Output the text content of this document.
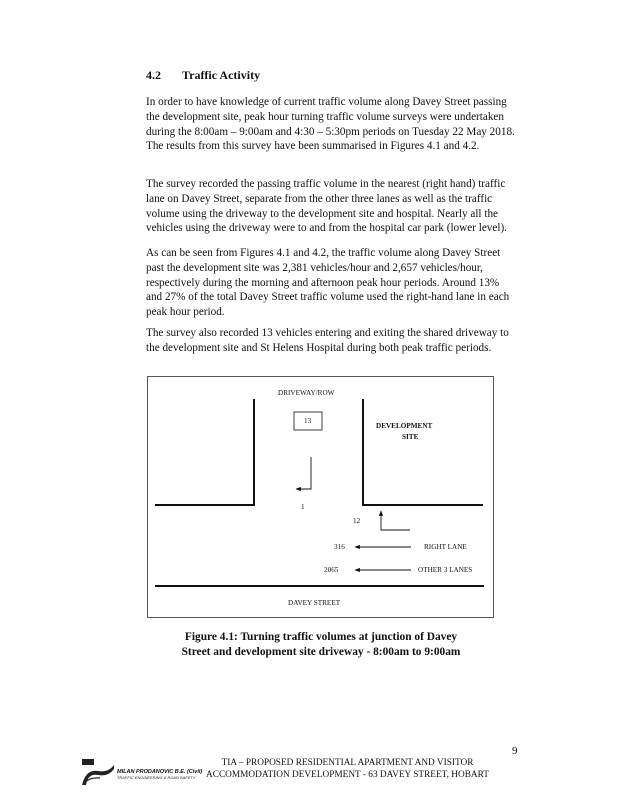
4.2 Traffic Activity

In order to have knowledge of current traffic volume along Davey Street passing the development site, peak hour turning traffic volume surveys were undertaken during the 8:00am – 9:00am and 4:30 – 5:30pm periods on Tuesday 22 May 2018. The results from this survey have been summarised in Figures 4.1 and 4.2.

The survey recorded the passing traffic volume in the nearest (right hand) traffic lane on Davey Street, separate from the other three lanes as well as the traffic volume using the driveway to the development site and hospital. Nearly all the vehicles using the driveway were to and from the hospital car park (lower level).

As can be seen from Figures 4.1 and 4.2, the traffic volume along Davey Street past the development site was 2,381 vehicles/hour and 2,657 vehicles/hour, respectively during the morning and afternoon peak hour periods. Around 13% and 27% of the total Davey Street traffic volume used the right-hand lane in each peak hour period.

The survey also recorded 13 vehicles entering and exiting the shared driveway to the development site and St Helens Hospital during both peak traffic periods.

DRIVEWAY/ROW
13
DEVELOPMENT
SITE
1
12
316	RIGHT LANE
2065	OTHER 3 LANES
DAVEY STREET
Figure 4.1: Turning traffic volumes at junction of Davey
Street and development site driveway - 8:00am to 9:00am
9
MILAN PRODANOVIC B.E. (Civil)
TRAFFIC ENGINEERING & ROAD SAFETY
TIA – PROPOSED RESIDENTIAL APARTMENT AND VISITOR
ACCOMMODATION DEVELOPMENT - 63 DAVEY STREET, HOBART
